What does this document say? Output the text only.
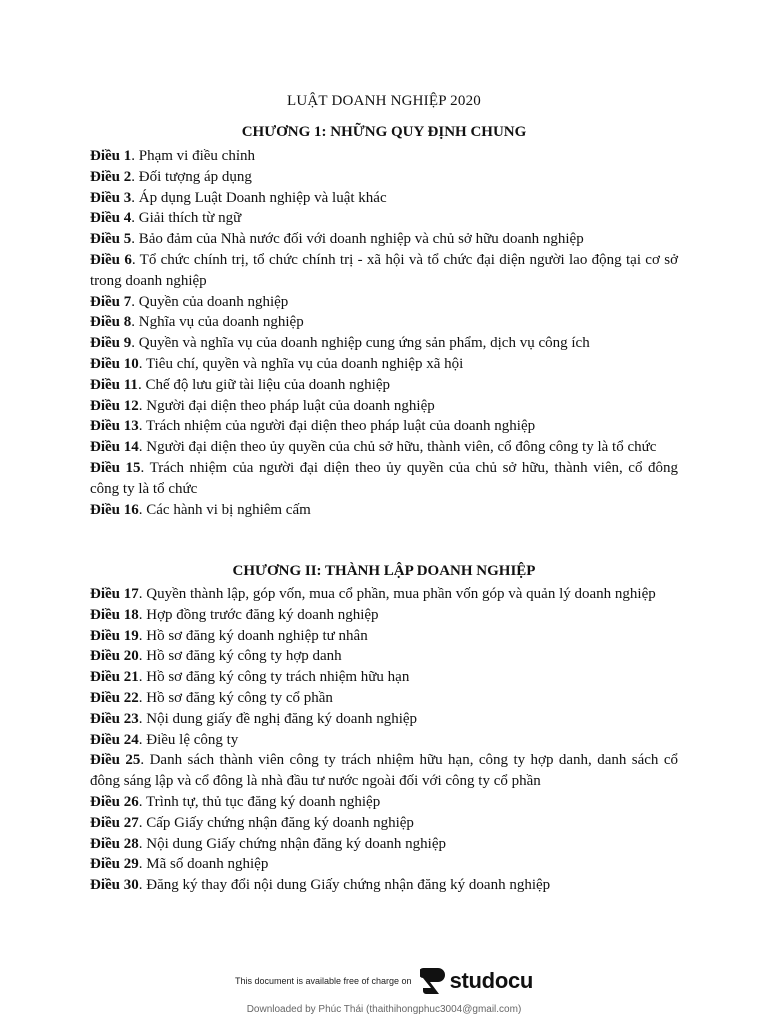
LUẬT DOANH NGHIỆP 2020
CHƯƠNG 1: NHỮNG QUY ĐỊNH CHUNG

Điều 1. Phạm vi điều chỉnh

Điều 2. Đối tượng áp dụng

Điều 3. Áp dụng Luật Doanh nghiệp và luật khác

Điều 4. Giải thích từ ngữ

Điều 5. Bảo đảm của Nhà nước đối với doanh nghiệp và chủ sở hữu doanh nghiệp

Điều 6. Tổ chức chính trị, tổ chức chính trị - xã hội và tổ chức đại diện người lao động tại cơ sở trong doanh nghiệp

Điều 7. Quyền của doanh nghiệp

Điều 8. Nghĩa vụ của doanh nghiệp

Điều 9. Quyền và nghĩa vụ của doanh nghiệp cung ứng sản phẩm, dịch vụ công ích

Điều 10. Tiêu chí, quyền và nghĩa vụ của doanh nghiệp xã hội

Điều 11. Chế độ lưu giữ tài liệu của doanh nghiệp

Điều 12. Người đại diện theo pháp luật của doanh nghiệp

Điều 13. Trách nhiệm của người đại diện theo pháp luật của doanh nghiệp

Điều 14. Người đại diện theo ủy quyền của chủ sở hữu, thành viên, cổ đông công ty là tổ chức

Điều 15. Trách nhiệm của người đại diện theo ủy quyền của chủ sở hữu, thành viên, cổ đông công ty là tổ chức

Điều 16. Các hành vi bị nghiêm cấm

CHƯƠNG II: THÀNH LẬP DOANH NGHIỆP

Điều 17. Quyền thành lập, góp vốn, mua cổ phần, mua phần vốn góp và quản lý doanh nghiệp

Điều 18. Hợp đồng trước đăng ký doanh nghiệp

Điều 19. Hồ sơ đăng ký doanh nghiệp tư nhân

Điều 20. Hồ sơ đăng ký công ty hợp danh

Điều 21. Hồ sơ đăng ký công ty trách nhiệm hữu hạn

Điều 22. Hồ sơ đăng ký công ty cổ phần

Điều 23. Nội dung giấy đề nghị đăng ký doanh nghiệp

Điều 24. Điều lệ công ty

Điều 25. Danh sách thành viên công ty trách nhiệm hữu hạn, công ty hợp danh, danh sách cổ đông sáng lập và cổ đông là nhà đầu tư nước ngoài đối với công ty cổ phần

Điều 26. Trình tự, thủ tục đăng ký doanh nghiệp

Điều 27. Cấp Giấy chứng nhận đăng ký doanh nghiệp

Điều 28. Nội dung Giấy chứng nhận đăng ký doanh nghiệp

Điều 29. Mã số doanh nghiệp

Điều 30. Đăng ký thay đổi nội dung Giấy chứng nhận đăng ký doanh nghiệp

This document is available free of charge on studocu
Downloaded by Phúc Thái (thaithihongphuc3004@gmail.com)
